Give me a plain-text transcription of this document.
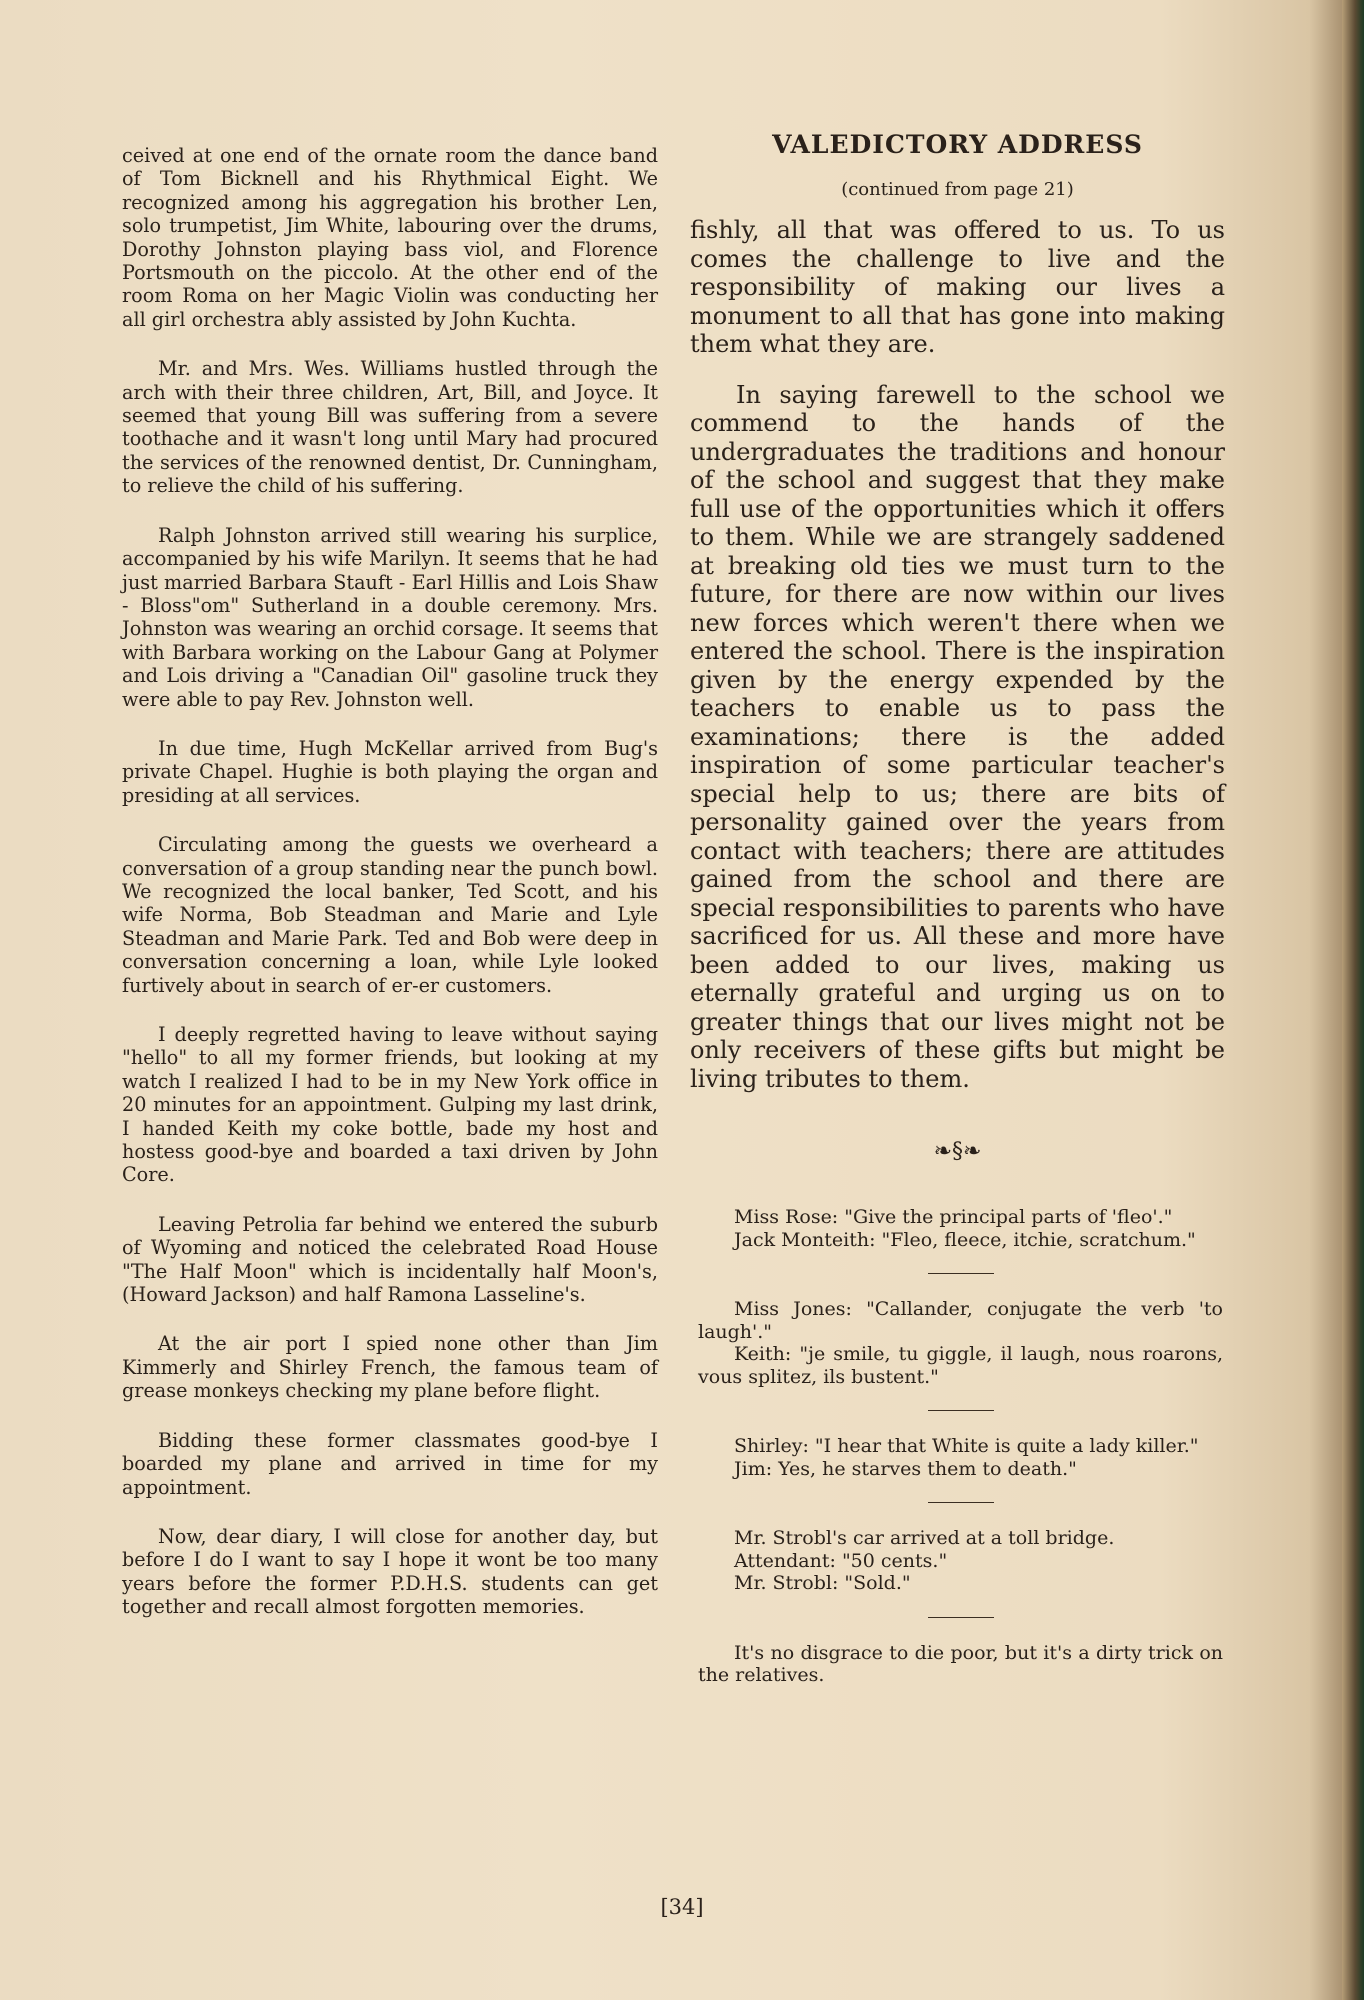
ceived at one end of the ornate room the dance band of Tom Bicknell and his Rhythmical Eight. We recognized among his aggregation his brother Len, solo trumpetist, Jim White, labouring over the drums, Dorothy Johnston playing bass viol, and Florence Portsmouth on the piccolo. At the other end of the room Roma on her Magic Violin was conducting her all girl orchestra ably assisted by John Kuchta.

Mr. and Mrs. Wes. Williams hustled through the arch with their three children, Art, Bill, and Joyce. It seemed that young Bill was suffering from a severe toothache and it wasn't long until Mary had procured the services of the renowned dentist, Dr. Cunningham, to relieve the child of his suffering.

Ralph Johnston arrived still wearing his surplice, accompanied by his wife Marilyn. It seems that he had just married Barbara Stauft - Earl Hillis and Lois Shaw - Bloss"om" Sutherland in a double ceremony. Mrs. Johnston was wearing an orchid corsage. It seems that with Barbara working on the Labour Gang at Polymer and Lois driving a "Canadian Oil" gasoline truck they were able to pay Rev. Johnston well.

In due time, Hugh McKellar arrived from Bug's private Chapel. Hughie is both playing the organ and presiding at all services.

Circulating among the guests we overheard a conversation of a group standing near the punch bowl. We recognized the local banker, Ted Scott, and his wife Norma, Bob Steadman and Marie and Lyle Steadman and Marie Park. Ted and Bob were deep in conversation concerning a loan, while Lyle looked furtively about in search of er-er customers.

I deeply regretted having to leave without saying "hello" to all my former friends, but looking at my watch I realized I had to be in my New York office in 20 minutes for an appointment. Gulping my last drink, I handed Keith my coke bottle, bade my host and hostess good-bye and boarded a taxi driven by John Core.

Leaving Petrolia far behind we entered the suburb of Wyoming and noticed the celebrated Road House "The Half Moon" which is incidentally half Moon's, (Howard Jackson) and half Ramona Lasseline's.

At the air port I spied none other than Jim Kimmerly and Shirley French, the famous team of grease monkeys checking my plane before flight.

Bidding these former classmates good-bye I boarded my plane and arrived in time for my appointment.

Now, dear diary, I will close for another day, but before I do I want to say I hope it wont be too many years before the former P.D.H.S. students can get together and recall almost forgotten memories.

VALEDICTORY ADDRESS
(continued from page 21)

fishly, all that was offered to us. To us comes the challenge to live and the responsibility of making our lives a monument to all that has gone into making them what they are.

In saying farewell to the school we commend to the hands of the undergraduates the traditions and honour of the school and suggest that they make full use of the opportunities which it offers to them. While we are strangely saddened at breaking old ties we must turn to the future, for there are now within our lives new forces which weren't there when we entered the school. There is the inspiration given by the energy expended by the teachers to enable us to pass the examinations; there is the added inspiration of some particular teacher's special help to us; there are bits of personality gained over the years from contact with teachers; there are attitudes gained from the school and there are special responsibilities to parents who have sacrificed for us. All these and more have been added to our lives, making us eternally grateful and urging us on to greater things that our lives might not be only receivers of these gifts but might be living tributes to them.

❧§❧

Miss Rose: "Give the principal parts of 'fleo'."

Jack Monteith: "Fleo, fleece, itchie, scratchum."

Miss Jones: "Callander, conjugate the verb 'to laugh'."

Keith: "je smile, tu giggle, il laugh, nous roarons, vous splitez, ils bustent."

Shirley: "I hear that White is quite a lady killer."

Jim: Yes, he starves them to death."

Mr. Strobl's car arrived at a toll bridge.

Attendant: "50 cents."

Mr. Strobl: "Sold."

It's no disgrace to die poor, but it's a dirty trick on the relatives.

[34]
